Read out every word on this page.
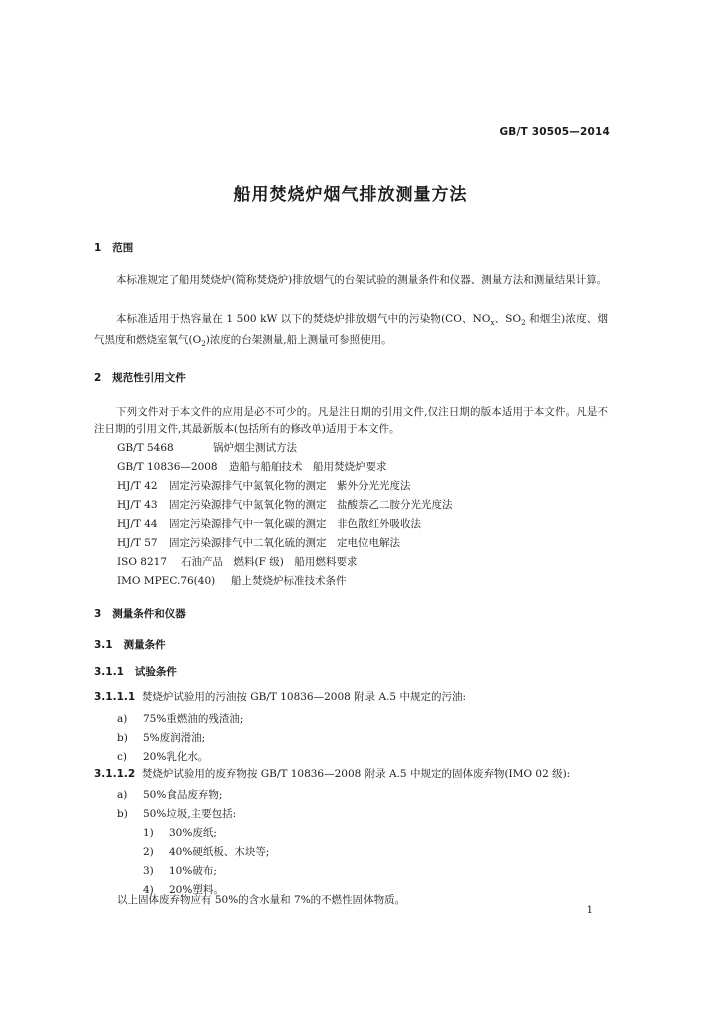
GB/T 30505—2014
船用焚烧炉烟气排放测量方法
1 范围
本标准规定了船用焚烧炉(简称焚烧炉)排放烟气的台架试验的测量条件和仪器、测量方法和测量结果计算。
本标准适用于热容量在 1 500 kW 以下的焚烧炉排放烟气中的污染物(CO、$NO_x$、$SO_2$ 和烟尘)浓度、烟气黑度和燃烧室氧气$(O_2)$浓度的台架测量,船上测量可参照使用。
2 规范性引用文件
下列文件对于本文件的应用是必不可少的。凡是注日期的引用文件,仅注日期的版本适用于本文件。凡是不注日期的引用文件,其最新版本(包括所有的修改单)适用于本文件。
GB/T 5468	锅炉烟尘测试方法
GB/T 10836—2008 造船与船舶技术　船用焚烧炉要求
HJ/T 42 固定污染源排气中氮氧化物的测定　紫外分光光度法
HJ/T 43 固定污染源排气中氮氧化物的测定　盐酸萘乙二胺分光光度法
HJ/T 44 固定污染源排气中一氧化碳的测定　非色散红外吸收法
HJ/T 57 固定污染源排气中二氧化硫的测定　定电位电解法
ISO 8217 石油产品　燃料(F 级)　船用燃料要求
IMO MPEC.76(40) 船上焚烧炉标准技术条件
3 测量条件和仪器
3.1 测量条件
3.1.1 试验条件
3.1.1.1 焚烧炉试验用的污油按 GB/T 10836—2008 附录 A.5 中规定的污油:
a) 75%重燃油的残渣油;
b) 5%废润滑油;
c) 20%乳化水。
3.1.1.2 焚烧炉试验用的废弃物按 GB/T 10836—2008 附录 A.5 中规定的固体废弃物(IMO 02 级):
a) 50%食品废弃物;
b) 50%垃圾,主要包括:
1) 30%废纸;
2) 40%硬纸板、木块等;
3) 10%破布;
4) 20%塑料。
以上固体废弃物应有 50%的含水量和 7%的不燃性固体物质。
1
